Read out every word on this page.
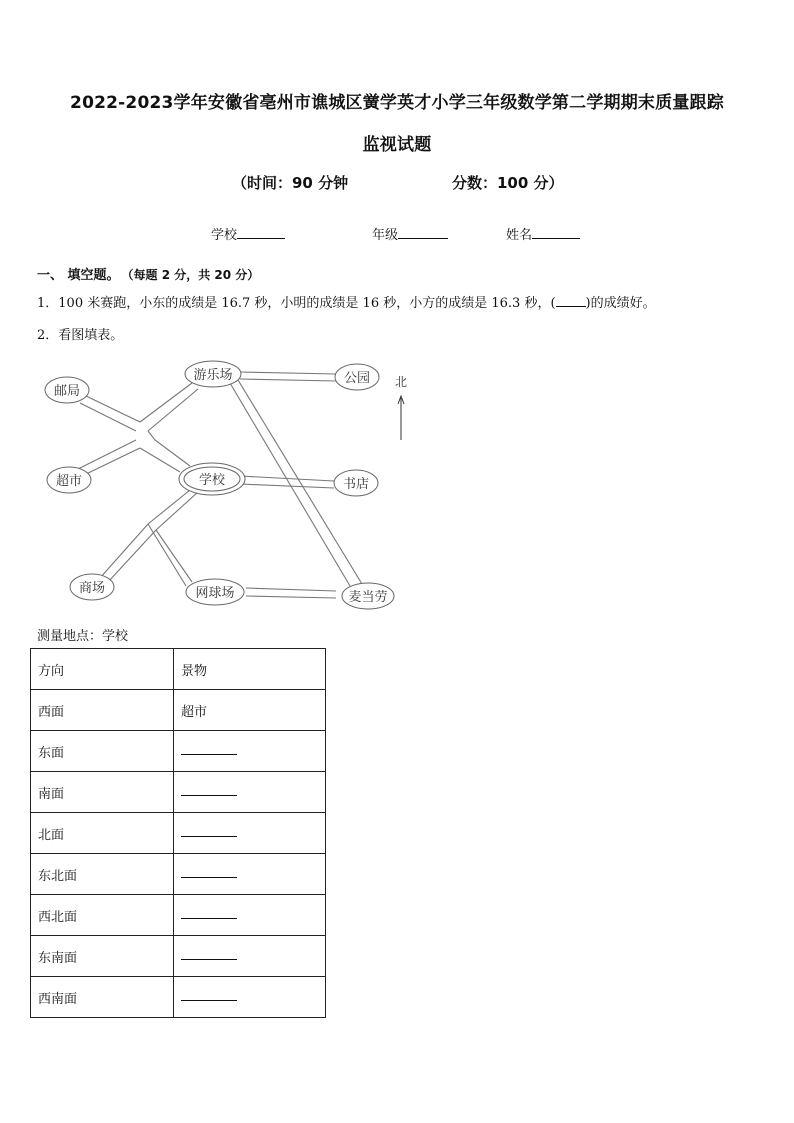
2022-2023学年安徽省亳州市谯城区黉学英才小学三年级数学第二学期期末质量跟踪
监视试题
（时间：90 分钟	分数：100 分）
学校	年级	姓名
一、 填空题。 （每题 2 分，共 20 分）
1．100 米赛跑，小东的成绩是 16.7 秒，小明的成绩是 16 秒，小方的成绩是 16.3 秒，( )的成绩好。
2．看图填表。
邮局
游乐场	公园
超市	学校	书店
商场	网球场	麦当劳
北
测量地点：学校
方向	景物
西面	超市
东面	
南面	
北面	
东北面	
西北面	
东南面	
西南面	
